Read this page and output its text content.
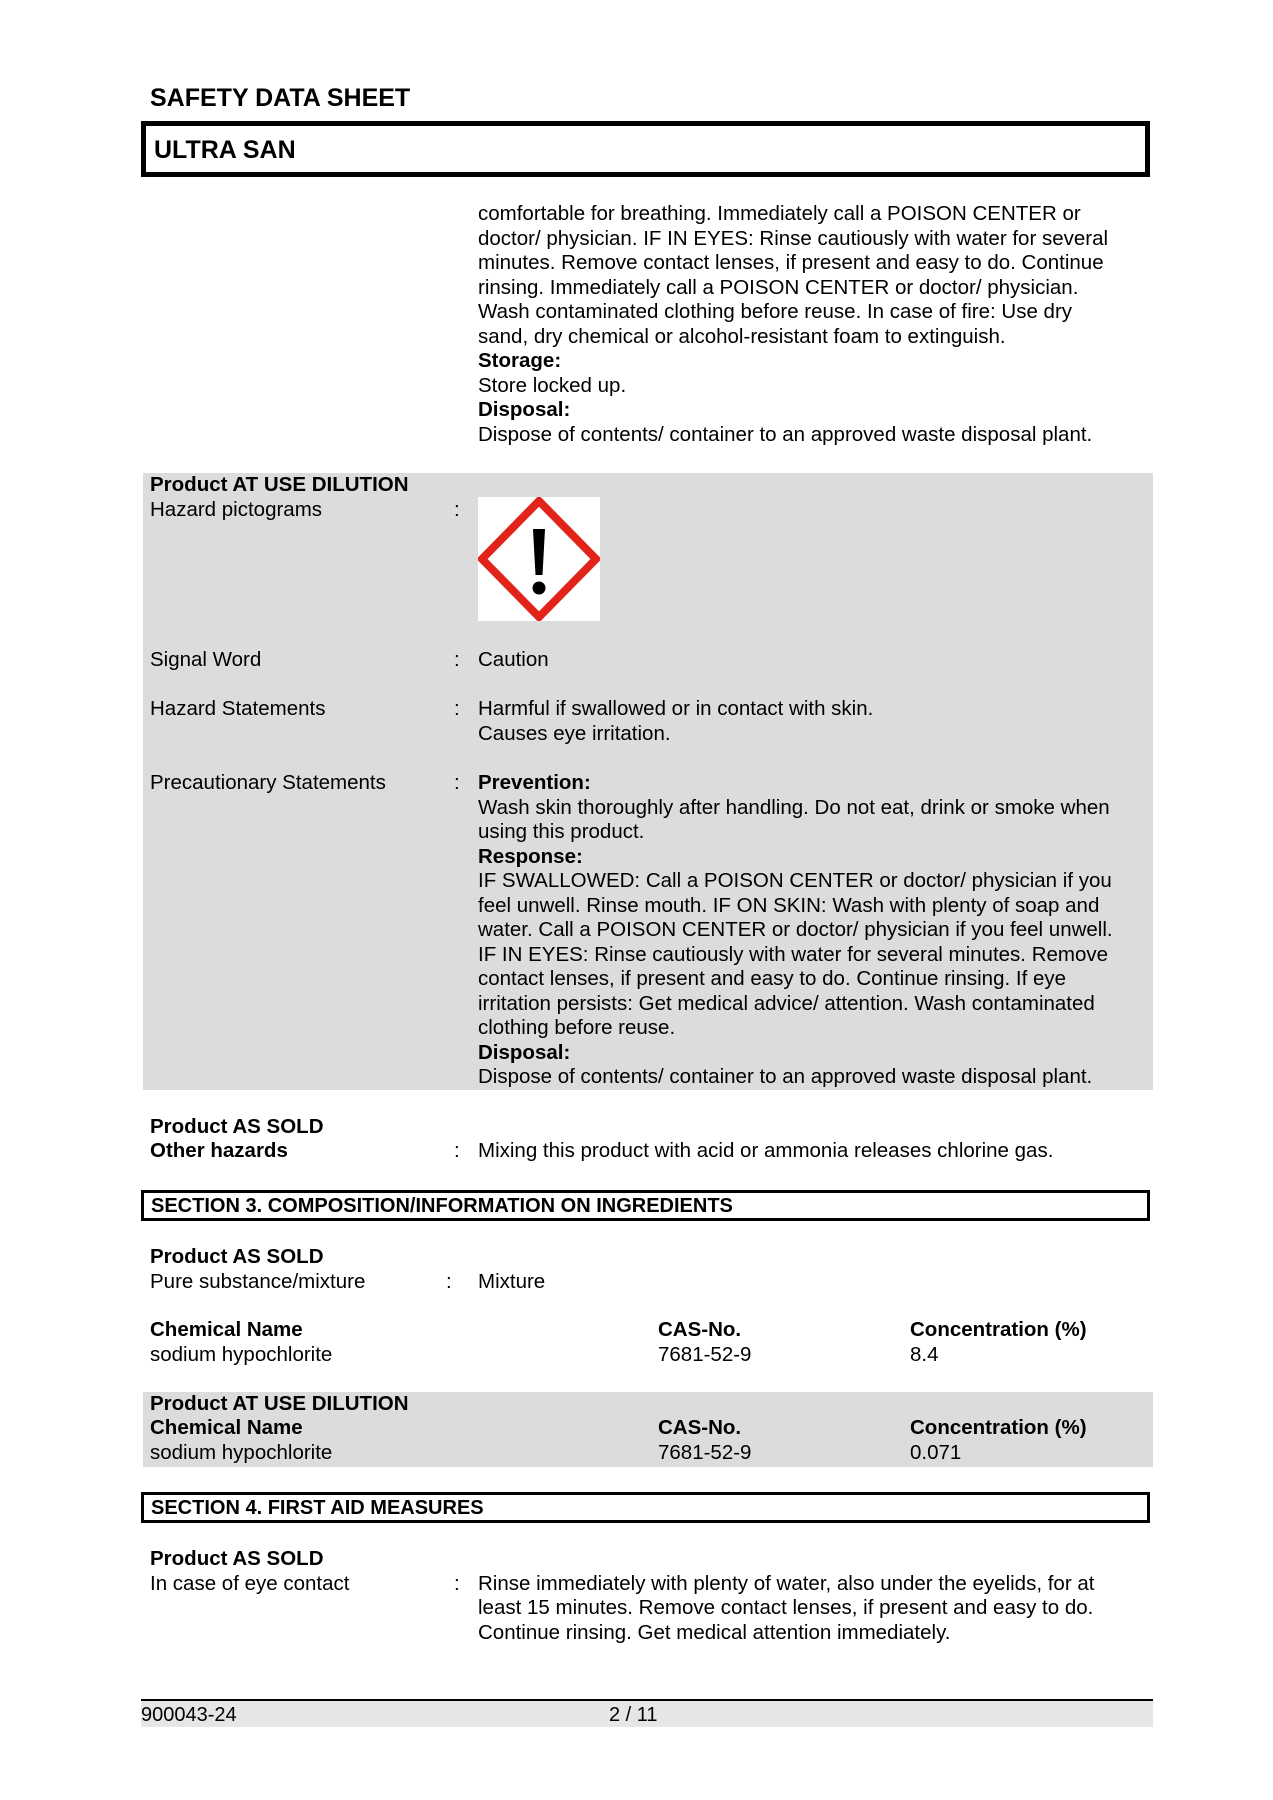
SAFETY DATA SHEET
ULTRA SAN
comfortable for breathing. Immediately call a POISON CENTER or
doctor/ physician. IF IN EYES: Rinse cautiously with water for several
minutes. Remove contact lenses, if present and easy to do. Continue
rinsing. Immediately call a POISON CENTER or doctor/ physician.
Wash contaminated clothing before reuse. In case of fire: Use dry
sand, dry chemical or alcohol-resistant foam to extinguish.
Storage:
Store locked up.
Disposal:
Dispose of contents/ container to an approved waste disposal plant.
Product AT USE DILUTION
Hazard pictograms	:
Signal Word	: Caution
Hazard Statements	: Harmful if swallowed or in contact with skin.
Causes eye irritation.
Precautionary Statements	: Prevention:
Wash skin thoroughly after handling. Do not eat, drink or smoke when
using this product.
Response:
IF SWALLOWED: Call a POISON CENTER or doctor/ physician if you
feel unwell. Rinse mouth. IF ON SKIN: Wash with plenty of soap and
water. Call a POISON CENTER or doctor/ physician if you feel unwell.
IF IN EYES: Rinse cautiously with water for several minutes. Remove
contact lenses, if present and easy to do. Continue rinsing. If eye
irritation persists: Get medical advice/ attention. Wash contaminated
clothing before reuse.
Disposal:
Dispose of contents/ container to an approved waste disposal plant.
Product AS SOLD
Other hazards	: Mixing this product with acid or ammonia releases chlorine gas.
SECTION 3. COMPOSITION/INFORMATION ON INGREDIENTS
Product AS SOLD
Pure substance/mixture	: Mixture
Chemical Name	CAS-No.	Concentration (%)
sodium hypochlorite	7681-52-9	8.4
Product AT USE DILUTION
Chemical Name	CAS-No.	Concentration (%)
sodium hypochlorite	7681-52-9	0.071
SECTION 4. FIRST AID MEASURES
Product AS SOLD
In case of eye contact	: Rinse immediately with plenty of water, also under the eyelids, for at
least 15 minutes. Remove contact lenses, if present and easy to do.
Continue rinsing. Get medical attention immediately.
900043-24	2 / 11
